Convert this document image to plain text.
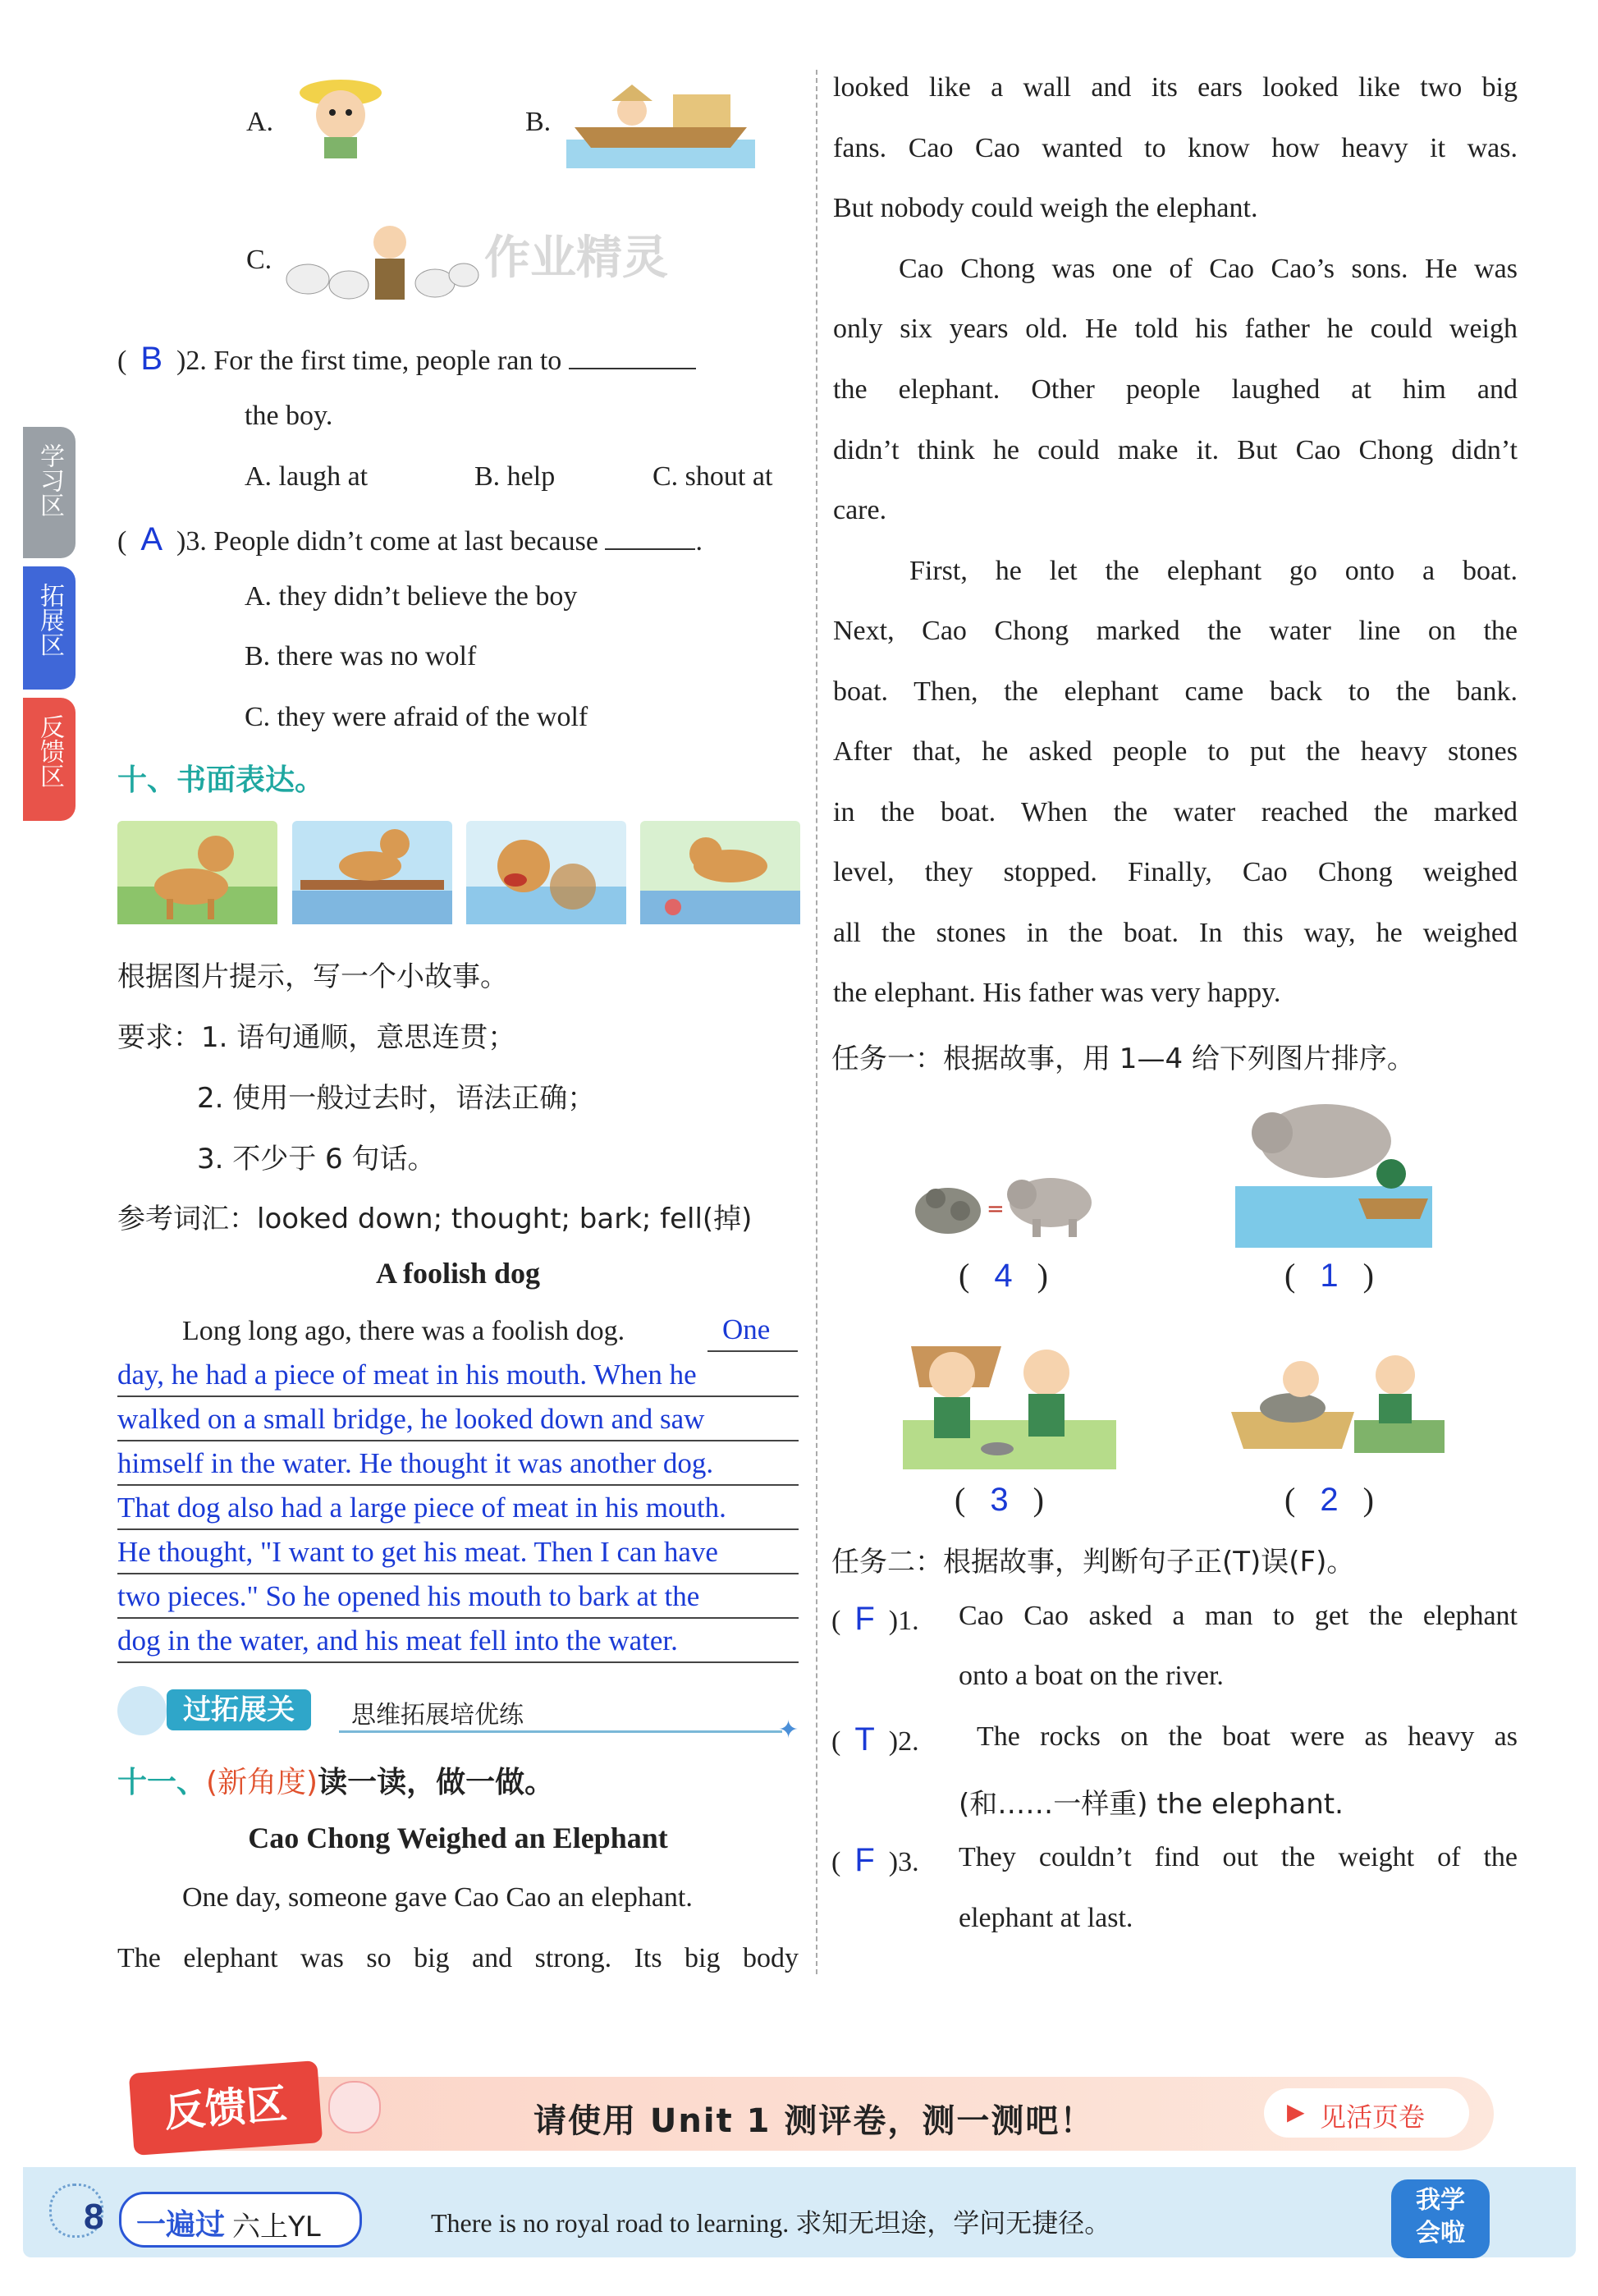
学习区
拓展区
反馈区
A.	B.
C.	作业精灵
(  B )2. For the first time, people ran to
the boy.
A. laugh at	B. help	C. shout at
(  A )3. People didn’t come at last because	.
A. they didn’t believe the boy
B. there was no wolf
C. they were afraid of the wolf
十、书面表达。
根据图片提示，写一个小故事。
要求：1. 语句通顺，意思连贯；
2. 使用一般过去时，语法正确；
3. 不少于 6 句话。
参考词汇：looked down; thought; bark; fell(掉)
A foolish dog
Long long ago, there was a foolish dog.	One
day, he had a piece of meat in his mouth. When he
walked on a small bridge, he looked down and saw
himself in the water. He thought it was another dog.
That dog also had a large piece of meat in his mouth.
He thought, "I want to get his meat. Then I can have
two pieces." So he opened his mouth to bark at the
dog in the water, and his meat fell into the water.
过拓展关	思维拓展培优练
✦
十一、(新角度)读一读，做一做。
Cao Chong Weighed an Elephant
One day, someone gave Cao Cao an elephant.
The elephant was so big and strong. Its big body
looked like a wall and its ears looked like two big
fans. Cao Cao wanted to know how heavy it was.
But nobody could weigh the elephant.
Cao Chong was one of Cao Cao’s sons. He was
only six years old. He told his father he could weigh
the elephant. Other people laughed at him and
didn’t think he could make it. But Cao Chong didn’t
care.
First, he let the elephant go onto a boat.
Next, Cao Chong marked the water line on the
boat. Then, the elephant came back to the bank.
After that, he asked people to put the heavy stones
in the boat. When the water reached the marked
level, they stopped. Finally, Cao Chong weighed
all the stones in the boat. In this way, he weighed
the elephant. His father was very happy.
任务一：根据故事，用 1—4 给下列图片排序。
=
(   4   )	(   1   )
(   3   )	(   2   )
任务二：根据故事，判断句子正(T)误(F)。
(  F )1. Cao Cao asked a man to get the elephant
onto a boat on the river.
(  T )2. The rocks on the boat were as heavy as
(和……一样重) the elephant.
(  F )3. They couldn’t find out the weight of the
elephant at last.
反馈区	请使用 Unit 1 测评卷，测一测吧！	▶ 见活页卷
8 一遍过 六上YL	There is no royal road to learning. 求知无坦途，学问无捷径。
我学会啦
